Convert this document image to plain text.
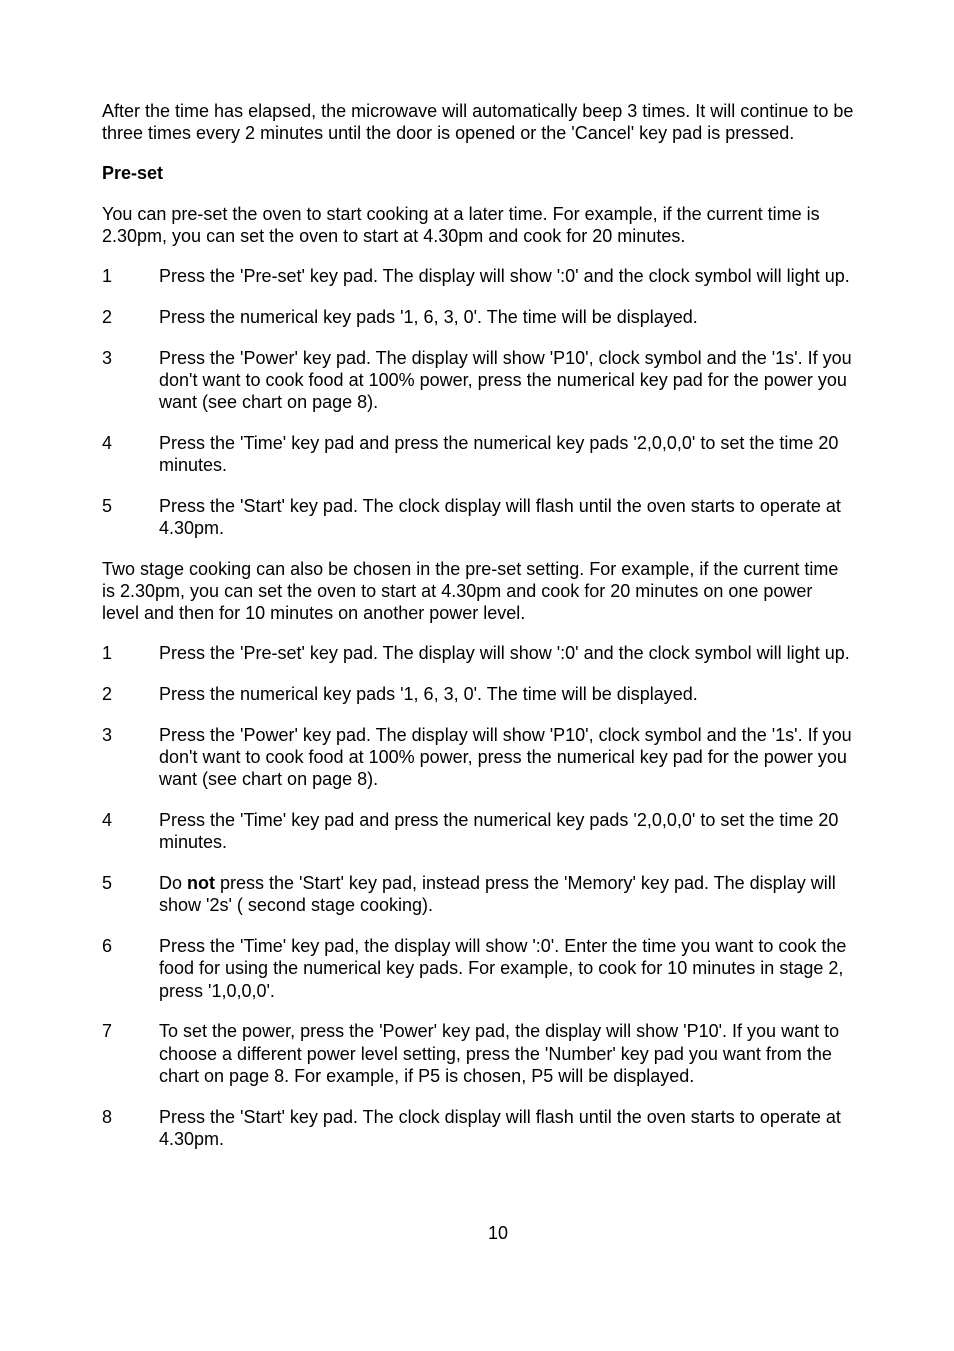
After the time has elapsed, the microwave will automatically beep 3 times. It will continue to be three times every 2 minutes until the door is opened or the 'Cancel' key pad is pressed.

Pre-set

You can pre-set the oven to start cooking at a later time. For example, if the current time is 2.30pm, you can set the oven to start at 4.30pm and cook for 20 minutes.

1	Press the 'Pre-set' key pad. The display will show ':0' and the clock symbol will light up.
2	Press the numerical key pads '1, 6, 3, 0'. The time will be displayed.
3	Press the 'Power' key pad. The display will show 'P10', clock symbol and the '1s'. If you don't want to cook food at 100% power, press the numerical key pad for the power you want (see chart on page 8).
4	Press the 'Time' key pad and press the numerical key pads '2,0,0,0' to set the time 20 minutes.
5	Press the 'Start' key pad. The clock display will flash until the oven starts to operate at 4.30pm.

Two stage cooking can also be chosen in the pre-set setting. For example, if the current time is 2.30pm, you can set the oven to start at 4.30pm and cook for 20 minutes on one power level and then for 10 minutes on another power level.

1	Press the 'Pre-set' key pad. The display will show ':0' and the clock symbol will light up.
2	Press the numerical key pads '1, 6, 3, 0'. The time will be displayed.
3	Press the 'Power' key pad. The display will show 'P10', clock symbol and the '1s'. If you don't want to cook food at 100% power, press the numerical key pad for the power you want (see chart on page 8).
4	Press the 'Time' key pad and press the numerical key pads '2,0,0,0' to set the time 20 minutes.
5	Do not press the 'Start' key pad, instead press the 'Memory' key pad. The display will show '2s' ( second stage cooking).
6	Press the 'Time' key pad, the display will show ':0'. Enter the time you want to cook the food for using the numerical key pads. For example, to cook for 10 minutes in stage 2, press '1,0,0,0'.
7	To set the power, press the 'Power' key pad, the display will show 'P10'. If you want to choose a different power level setting, press the 'Number' key pad you want from the chart on page 8. For example, if P5 is chosen, P5 will be displayed.
8	Press the 'Start' key pad. The clock display will flash until the oven starts to operate at 4.30pm.
10
